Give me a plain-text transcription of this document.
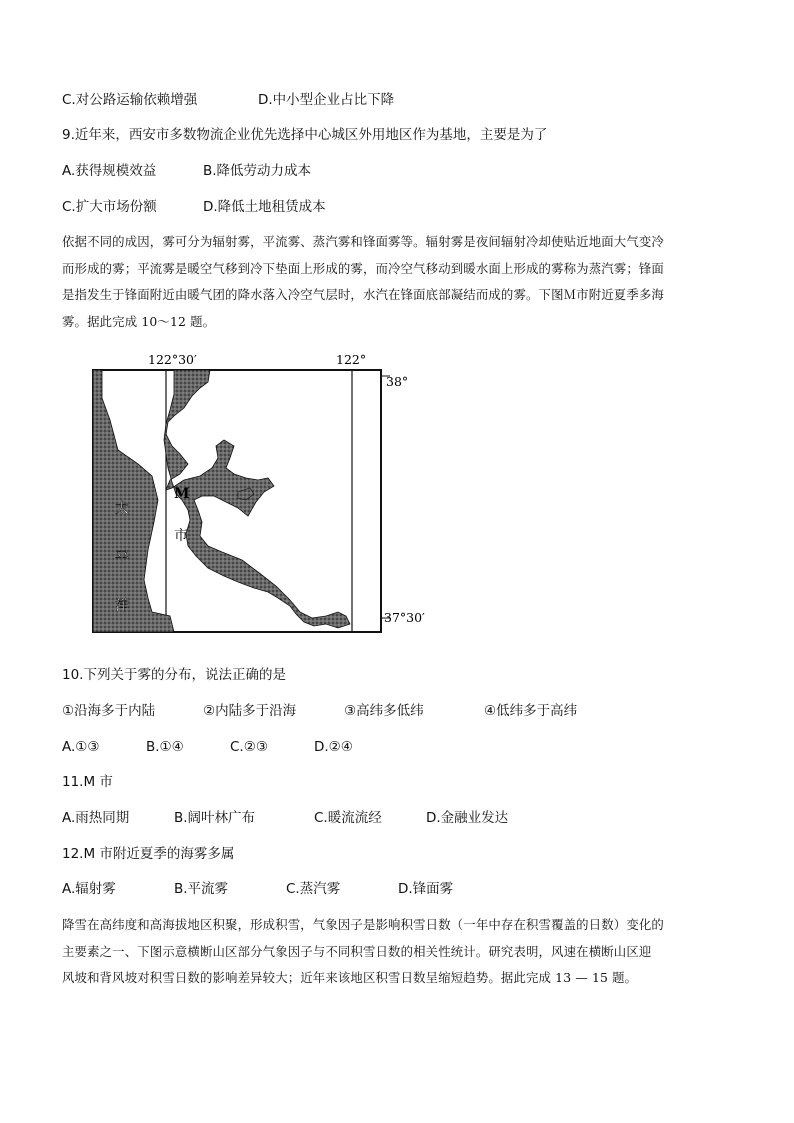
C.对公路运输依赖增强	D.中小型企业占比下降
9.近年来，西安市多数物流企业优先选择中心城区外用地区作为基地，主要是为了
A.获得规模效益	B.降低劳动力成本
C.扩大市场份额	D.降低土地租赁成本
依据不同的成因，雾可分为辐射雾，平流雾、蒸汽雾和锋面雾等。辐射雾是夜间辐射冷却使贴近地面大气变冷
而形成的雾；平流雾是暖空气移到冷下垫面上形成的雾，而冷空气移动到暖水面上形成的雾称为蒸汽雾；锋面
是指发生于锋面附近由暖气团的降水落入冷空气层时，水汽在锋面底部凝结而成的雾。下图Ｍ市附近夏季多海
雾。据此完成 10～12 题。
122°30′	122°
38°
37°30′
M
市
太
平
洋
10.下列关于雾的分布，说法正确的是
①沿海多于内陆	②内陆多于沿海	③高纬多低纬	④低纬多于高纬
A.①③	B.①④	C.②③	D.②④
11.M 市
A.雨热同期	B.阔叶林广布	C.暖流流经	D.金融业发达
12.M 市附近夏季的海雾多属
A.辐射雾	B.平流雾	C.蒸汽雾	D.锋面雾
降雪在高纬度和高海拔地区积聚，形成积雪，气象因子是影响积雪日数（一年中存在积雪覆盖的日数）变化的
主要素之一、下图示意横断山区部分气象因子与不同积雪日数的相关性统计。研究表明，风速在横断山区迎
风坡和背风坡对积雪日数的影响差异较大；近年来该地区积雪日数呈缩短趋势。据此完成 13 — 15 题。
